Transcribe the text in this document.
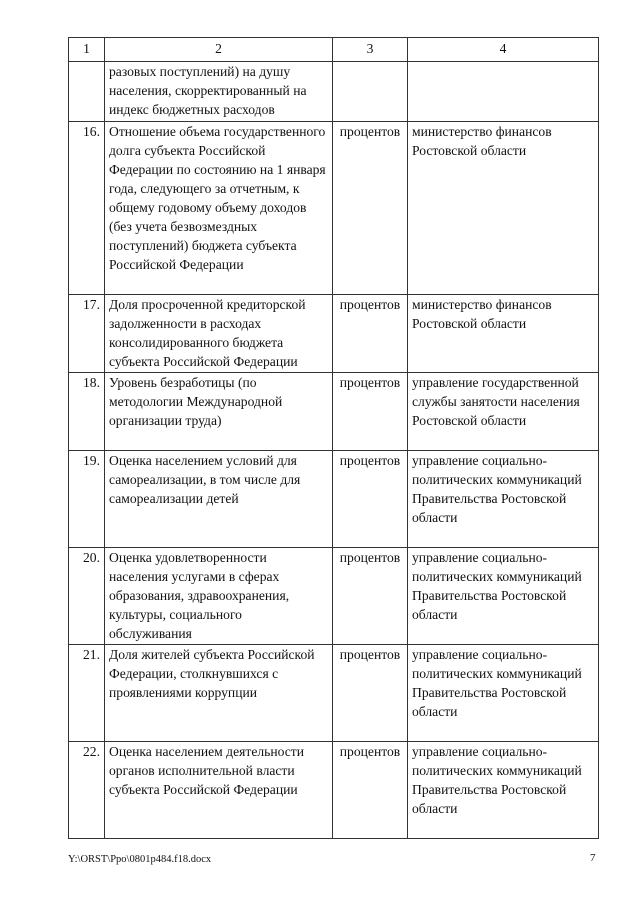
1	2	3	4
	разовых поступлений) на душу населения, скорректированный на индекс бюджетных расходов		
16.	Отношение объема государственного долга субъекта Российской Федерации по состоянию на 1 января года, следующего за отчетным, к общему годовому объему доходов (без учета безвозмездных поступлений) бюджета субъекта Российской Федерации	процентов	министерство финансов Ростовской области
17.	Доля просроченной кредиторской задолженности в расходах консолидированного бюджета субъекта Российской Федерации	процентов	министерство финансов Ростовской области
18.	Уровень безработицы (по методологии Международной организации труда)	процентов	управление государственной службы занятости населения Ростовской области
19.	Оценка населением условий для самореализации, в том числе для самореализации детей	процентов	управление социально-политических коммуникаций Правительства Ростовской области
20.	Оценка удовлетворенности населения услугами в сферах образования, здравоохранения, культуры, социального обслуживания	процентов	управление социально-политических коммуникаций Правительства Ростовской области
21.	Доля жителей субъекта Российской Федерации, столкнувшихся с проявлениями коррупции	процентов	управление социально-политических коммуникаций Правительства Ростовской области
22.	Оценка населением деятельности органов исполнительной власти субъекта Российской Федерации	процентов	управление социально-политических коммуникаций Правительства Ростовской области
Y:\ORST\Ppo\0801p484.f18.docx	7
